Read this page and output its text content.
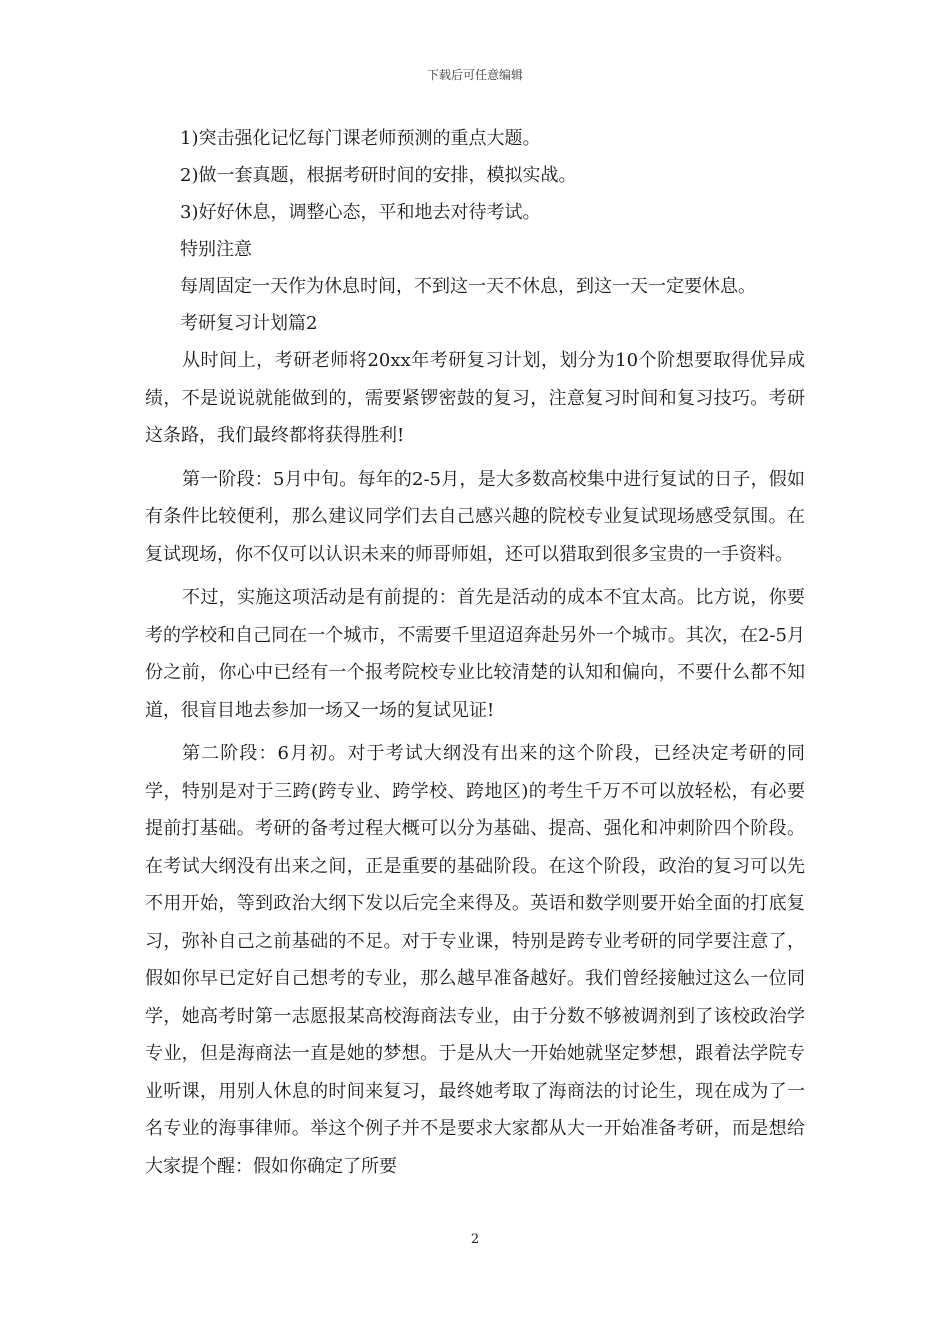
下载后可任意编辑

1)突击强化记忆每门课老师预测的重点大题。

2)做一套真题，根据考研时间的安排，模拟实战。

3)好好休息，调整心态，平和地去对待考试。

特别注意

每周固定一天作为休息时间，不到这一天不休息，到这一天一定要休息。

考研复习计划篇2

从时间上，考研老师将20xx年考研复习计划，划分为10个阶想要取得优异成绩，不是说说就能做到的，需要紧锣密鼓的复习，注意复习时间和复习技巧。考研这条路，我们最终都将获得胜利!

第一阶段：5月中旬。每年的2-5月，是大多数高校集中进行复试的日子，假如有条件比较便利，那么建议同学们去自己感兴趣的院校专业复试现场感受氛围。在复试现场，你不仅可以认识未来的师哥师姐，还可以猎取到很多宝贵的一手资料。

不过，实施这项活动是有前提的：首先是活动的成本不宜太高。比方说，你要考的学校和自己同在一个城市，不需要千里迢迢奔赴另外一个城市。其次，在2-5月份之前，你心中已经有一个报考院校专业比较清楚的认知和偏向，不要什么都不知道，很盲目地去参加一场又一场的复试见证!

第二阶段：6月初。对于考试大纲没有出来的这个阶段，已经决定考研的同学，特别是对于三跨(跨专业、跨学校、跨地区)的考生千万不可以放轻松，有必要提前打基础。考研的备考过程大概可以分为基础、提高、强化和冲刺阶四个阶段。在考试大纲没有出来之间，正是重要的基础阶段。在这个阶段，政治的复习可以先不用开始，等到政治大纲下发以后完全来得及。英语和数学则要开始全面的打底复习，弥补自己之前基础的不足。对于专业课，特别是跨专业考研的同学要注意了，假如你早已定好自己想考的专业，那么越早准备越好。我们曾经接触过这么一位同学，她高考时第一志愿报某高校海商法专业，由于分数不够被调剂到了该校政治学专业，但是海商法一直是她的梦想。于是从大一开始她就坚定梦想，跟着法学院专业听课，用别人休息的时间来复习，最终她考取了海商法的讨论生，现在成为了一名专业的海事律师。举这个例子并不是要求大家都从大一开始准备考研，而是想给大家提个醒：假如你确定了所要

2
